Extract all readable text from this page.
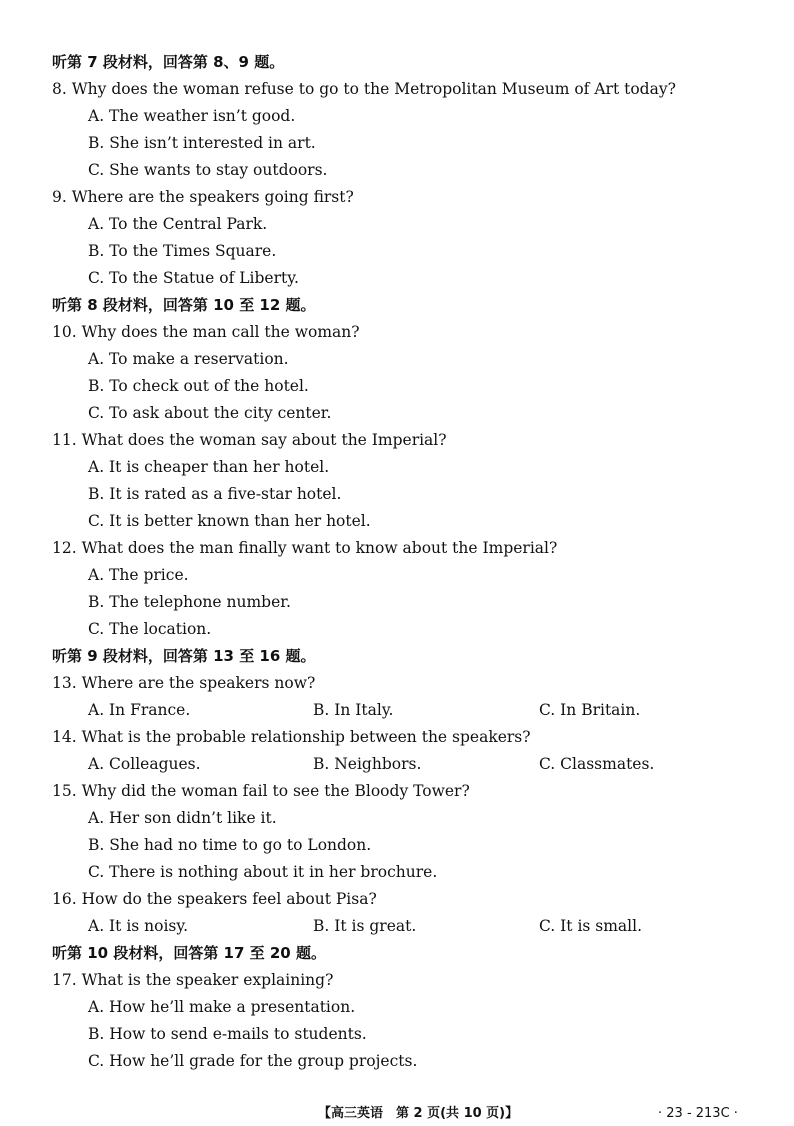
听第 7 段材料，回答第 8、9 题。
8. Why does the woman refuse to go to the Metropolitan Museum of Art today?
A. The weather isn’t good.
B. She isn’t interested in art.
C. She wants to stay outdoors.
9. Where are the speakers going first?
A. To the Central Park.
B. To the Times Square.
C. To the Statue of Liberty.
听第 8 段材料，回答第 10 至 12 题。
10. Why does the man call the woman?
A. To make a reservation.
B. To check out of the hotel.
C. To ask about the city center.
11. What does the woman say about the Imperial?
A. It is cheaper than her hotel.
B. It is rated as a five-star hotel.
C. It is better known than her hotel.
12. What does the man finally want to know about the Imperial?
A. The price.
B. The telephone number.
C. The location.
听第 9 段材料，回答第 13 至 16 题。
13. Where are the speakers now?
A. In France.	B. In Italy.	C. In Britain.
14. What is the probable relationship between the speakers?
A. Colleagues.	B. Neighbors.	C. Classmates.
15. Why did the woman fail to see the Bloody Tower?
A. Her son didn’t like it.
B. She had no time to go to London.
C. There is nothing about it in her brochure.
16. How do the speakers feel about Pisa?
A. It is noisy.	B. It is great.	C. It is small.
听第 10 段材料，回答第 17 至 20 题。
17. What is the speaker explaining?
A. How he’ll make a presentation.
B. How to send e-mails to students.
C. How he’ll grade for the group projects.
【高三英语　第 2 页(共 10 页)】	· 23 - 213C ·
